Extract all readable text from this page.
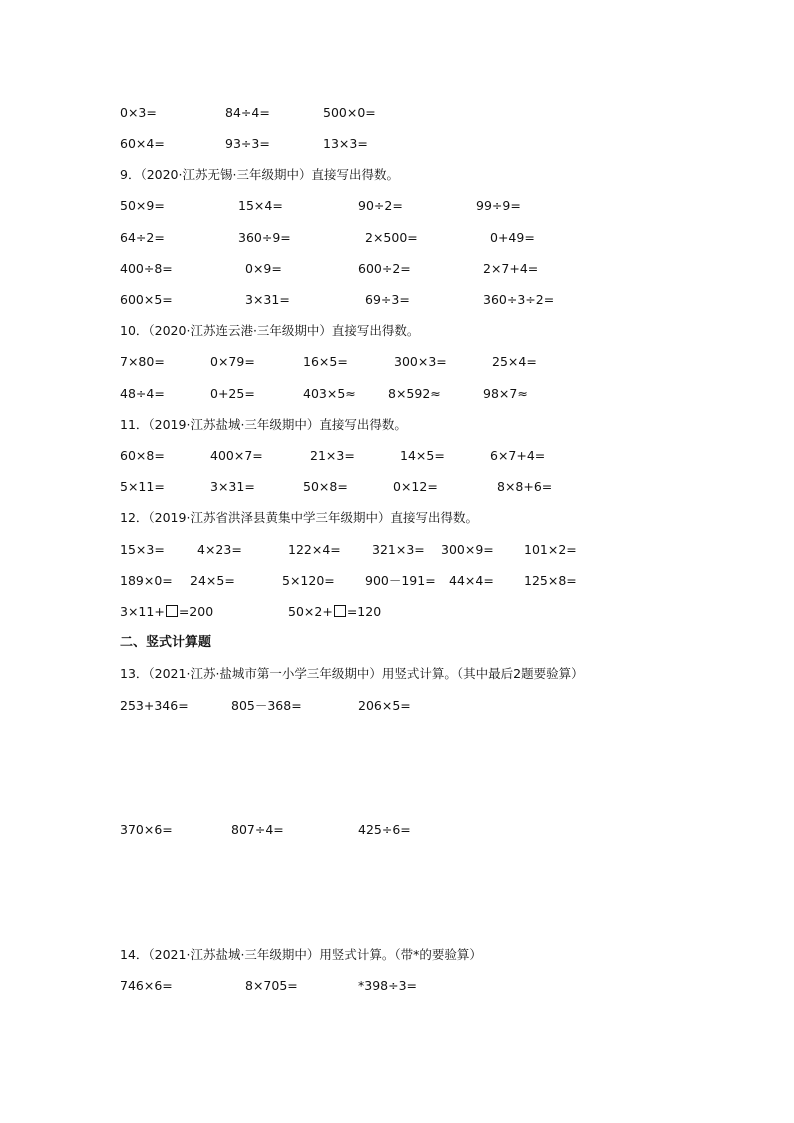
0×3=	84÷4=	500×0=
60×4=	93÷3=	13×3=
9．（2020·江苏无锡·三年级期中）直接写出得数。
50×9=	15×4=	90÷2=	99÷9=
64÷2=	360÷9=	2×500=	0+49=
400÷8=	0×9=	600÷2=	2×7+4=
600×5=	3×31=	69÷3=	360÷3÷2=
10．（2020·江苏连云港·三年级期中）直接写出得数。
7×80=	0×79=	16×5=	300×3=	25×4=
48÷4=	0+25=	403×5≈	8×592≈	98×7≈
11．（2019·江苏盐城·三年级期中）直接写出得数。
60×8=	400×7=	21×3=	14×5=	6×7+4=
5×11=	3×31=	50×8=	0×12=	8×8+6=
12．（2019·江苏省洪泽县黄集中学三年级期中）直接写出得数。
15×3=	4×23=	122×4= 321×3= 300×9= 101×2=
189×0= 24×5=	5×120= 900－191= 44×4= 125×8=
3×11+ =200	50×2+ =120
二、竖式计算题
13．（2021·江苏·盐城市第一小学三年级期中）用竖式计算。（其中最后2题要验算）
253+346=	805－368=	206×5=
370×6=	807÷4=	425÷6=
14．（2021·江苏盐城·三年级期中）用竖式计算。（带*的要验算）
746×6=	8×705=	*398÷3=
